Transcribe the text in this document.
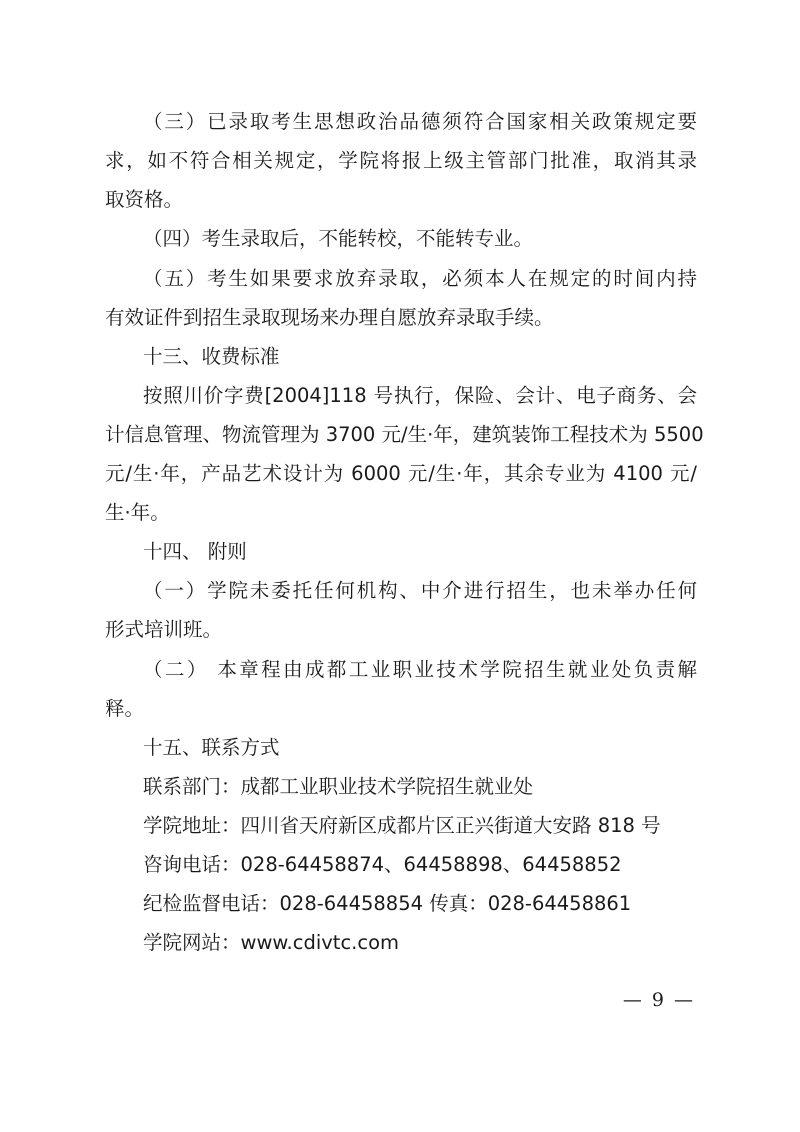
（三）已录取考生思想政治品德须符合国家相关政策规定要
求，如不符合相关规定，学院将报上级主管部门批准，取消其录
取资格。
（四）考生录取后，不能转校，不能转专业。
（五）考生如果要求放弃录取，必须本人在规定的时间内持
有效证件到招生录取现场来办理自愿放弃录取手续。
十三、收费标准
按照川价字费[2004]118 号执行，保险、会计、电子商务、会
计信息管理、物流管理为 3700 元/生·年，建筑装饰工程技术为 5500
元/生·年，产品艺术设计为 6000 元/生·年，其余专业为 4100 元/
生·年。
十四、 附则
（一）学院未委托任何机构、中介进行招生，也未举办任何
形式培训班。
（二） 本章程由成都工业职业技术学院招生就业处负责解
释。
十五、联系方式
联系部门：成都工业职业技术学院招生就业处
学院地址：四川省天府新区成都片区正兴街道大安路 818 号
咨询电话：028-64458874、64458898、64458852
纪检监督电话：028-64458854 传真：028-64458861
学院网站：www.cdivtc.com
— 9 —
